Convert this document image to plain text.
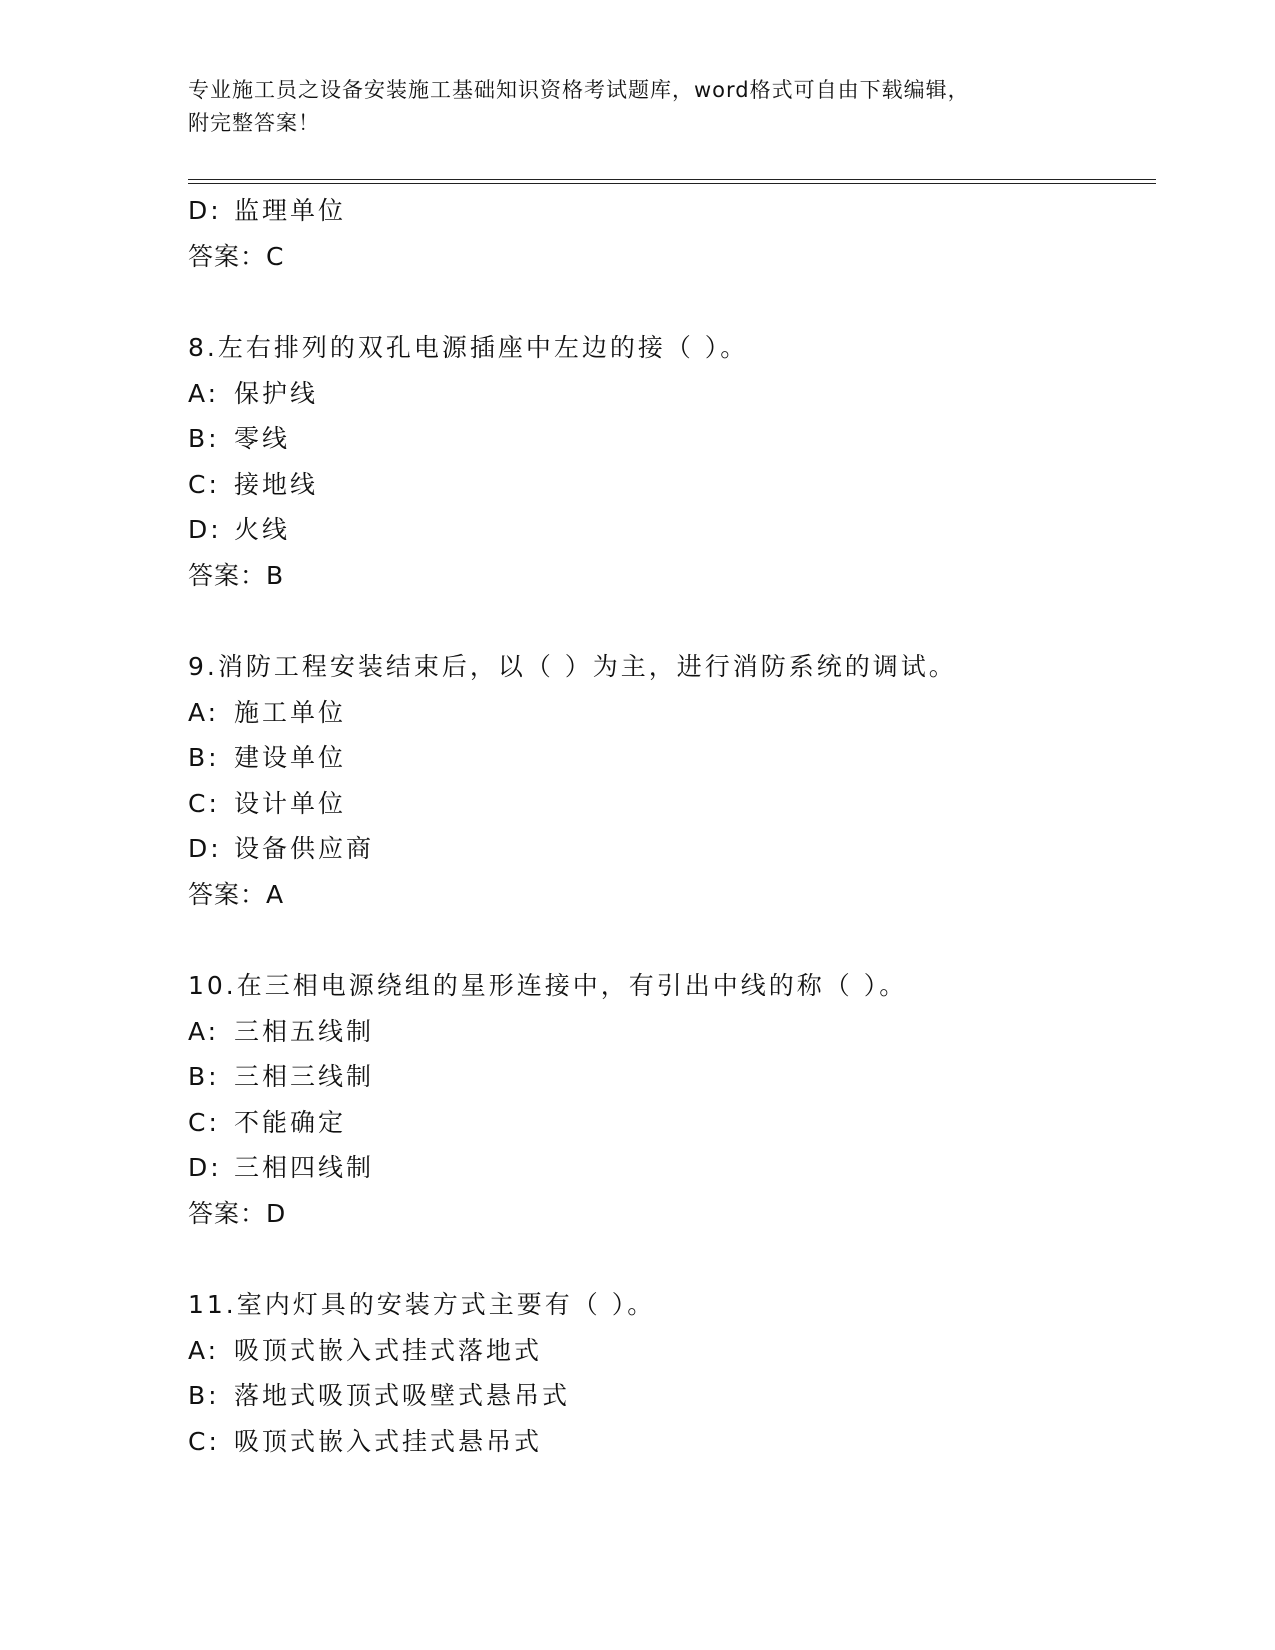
专业施工员之设备安装施工基础知识资格考试题库，word格式可自由下载编辑，
附完整答案！
D: 监理单位
答案：C
8.左右排列的双孔电源插座中左边的接（ ）。
A: 保护线
B: 零线
C: 接地线
D: 火线
答案：B
9.消防工程安装结束后，以（ ）为主，进行消防系统的调试。
A: 施工单位
B: 建设单位
C: 设计单位
D: 设备供应商
答案：A
10.在三相电源绕组的星形连接中，有引出中线的称（ ）。
A: 三相五线制
B: 三相三线制
C: 不能确定
D: 三相四线制
答案：D
11.室内灯具的安装方式主要有（ ）。
A: 吸顶式嵌入式挂式落地式
B: 落地式吸顶式吸壁式悬吊式
C: 吸顶式嵌入式挂式悬吊式
